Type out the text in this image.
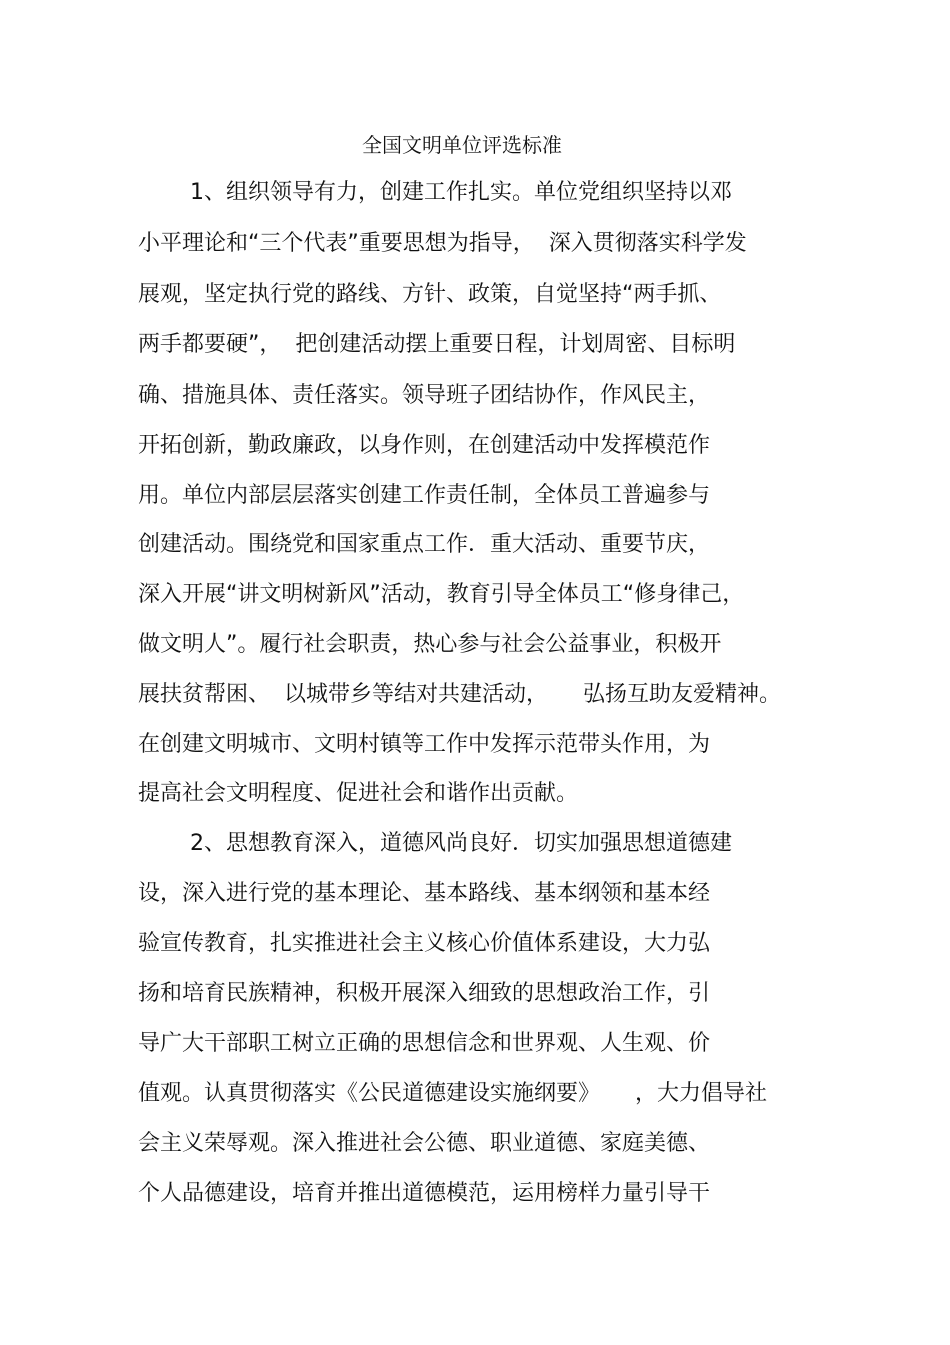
全国文明单位评选标准
1、组织领导有力，创建工作扎实。单位党组织坚持以邓
小平理论和“三个代表”重要思想为指导，  深入贯彻落实科学发
展观，坚定执行党的路线、方针、政策，自觉坚持“两手抓、
两手都要硬”，  把创建活动摆上重要日程，计划周密、目标明
确、措施具体、责任落实。领导班子团结协作，作风民主，
开拓创新，勤政廉政，以身作则，在创建活动中发挥模范作
用。单位内部层层落实创建工作责任制，全体员工普遍参与
创建活动。围绕党和国家重点工作．重大活动、重要节庆，
深入开展“讲文明树新风”活动，教育引导全体员工“修身律己，
做文明人”。履行社会职责，热心参与社会公益事业，积极开
展扶贫帮困、  以城带乡等结对共建活动，     弘扬互助友爱精神。
在创建文明城市、文明村镇等工作中发挥示范带头作用，为
提高社会文明程度、促进社会和谐作出贡献。
2、思想教育深入，道德风尚良好．切实加强思想道德建
设，深入进行党的基本理论、基本路线、基本纲领和基本经
验宣传教育，扎实推进社会主义核心价值体系建设，大力弘
扬和培育民族精神，积极开展深入细致的思想政治工作，引
导广大干部职工树立正确的思想信念和世界观、人生观、价
值观。认真贯彻落实《公民道德建设实施纲要》     ，大力倡导社
会主义荣辱观。深入推进社会公德、职业道德、家庭美德、
个人品德建设，培育并推出道德模范，运用榜样力量引导干
